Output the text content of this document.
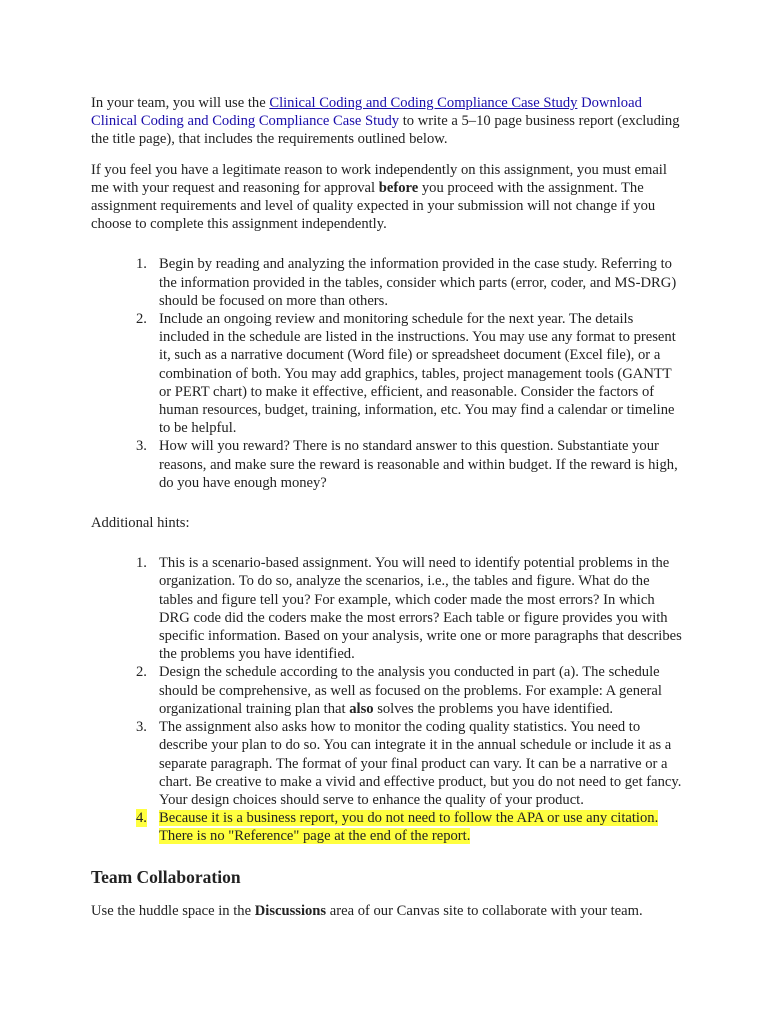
In your team, you will use the Clinical Coding and Coding Compliance Case Study Download Clinical Coding and Coding Compliance Case Study to write a 5–10 page business report (excluding the title page), that includes the requirements outlined below.

If you feel you have a legitimate reason to work independently on this assignment, you must email me with your request and reasoning for approval before you proceed with the assignment. The assignment requirements and level of quality expected in your submission will not change if you choose to complete this assignment independently.

1. Begin by reading and analyzing the information provided in the case study. Referring to the information provided in the tables, consider which parts (error, coder, and MS-DRG) should be focused on more than others.
2. Include an ongoing review and monitoring schedule for the next year. The details included in the schedule are listed in the instructions. You may use any format to present it, such as a narrative document (Word file) or spreadsheet document (Excel file), or a combination of both. You may add graphics, tables, project management tools (GANTT or PERT chart) to make it effective, efficient, and reasonable. Consider the factors of human resources, budget, training, information, etc. You may find a calendar or timeline to be helpful.
3. How will you reward? There is no standard answer to this question. Substantiate your reasons, and make sure the reward is reasonable and within budget. If the reward is high, do you have enough money?

Additional hints:

1. This is a scenario-based assignment. You will need to identify potential problems in the organization. To do so, analyze the scenarios, i.e., the tables and figure. What do the tables and figure tell you? For example, which coder made the most errors? In which DRG code did the coders make the most errors? Each table or figure provides you with specific information. Based on your analysis, write one or more paragraphs that describes the problems you have identified.
2. Design the schedule according to the analysis you conducted in part (a). The schedule should be comprehensive, as well as focused on the problems. For example: A general organizational training plan that also solves the problems you have identified.
3. The assignment also asks how to monitor the coding quality statistics. You need to describe your plan to do so. You can integrate it in the annual schedule or include it as a separate paragraph. The format of your final product can vary. It can be a narrative or a chart. Be creative to make a vivid and effective product, but you do not need to get fancy. Your design choices should serve to enhance the quality of your product.
4. Because it is a business report, you do not need to follow the APA or use any citation. There is no "Reference" page at the end of the report.
Team Collaboration

Use the huddle space in the Discussions area of our Canvas site to collaborate with your team.
